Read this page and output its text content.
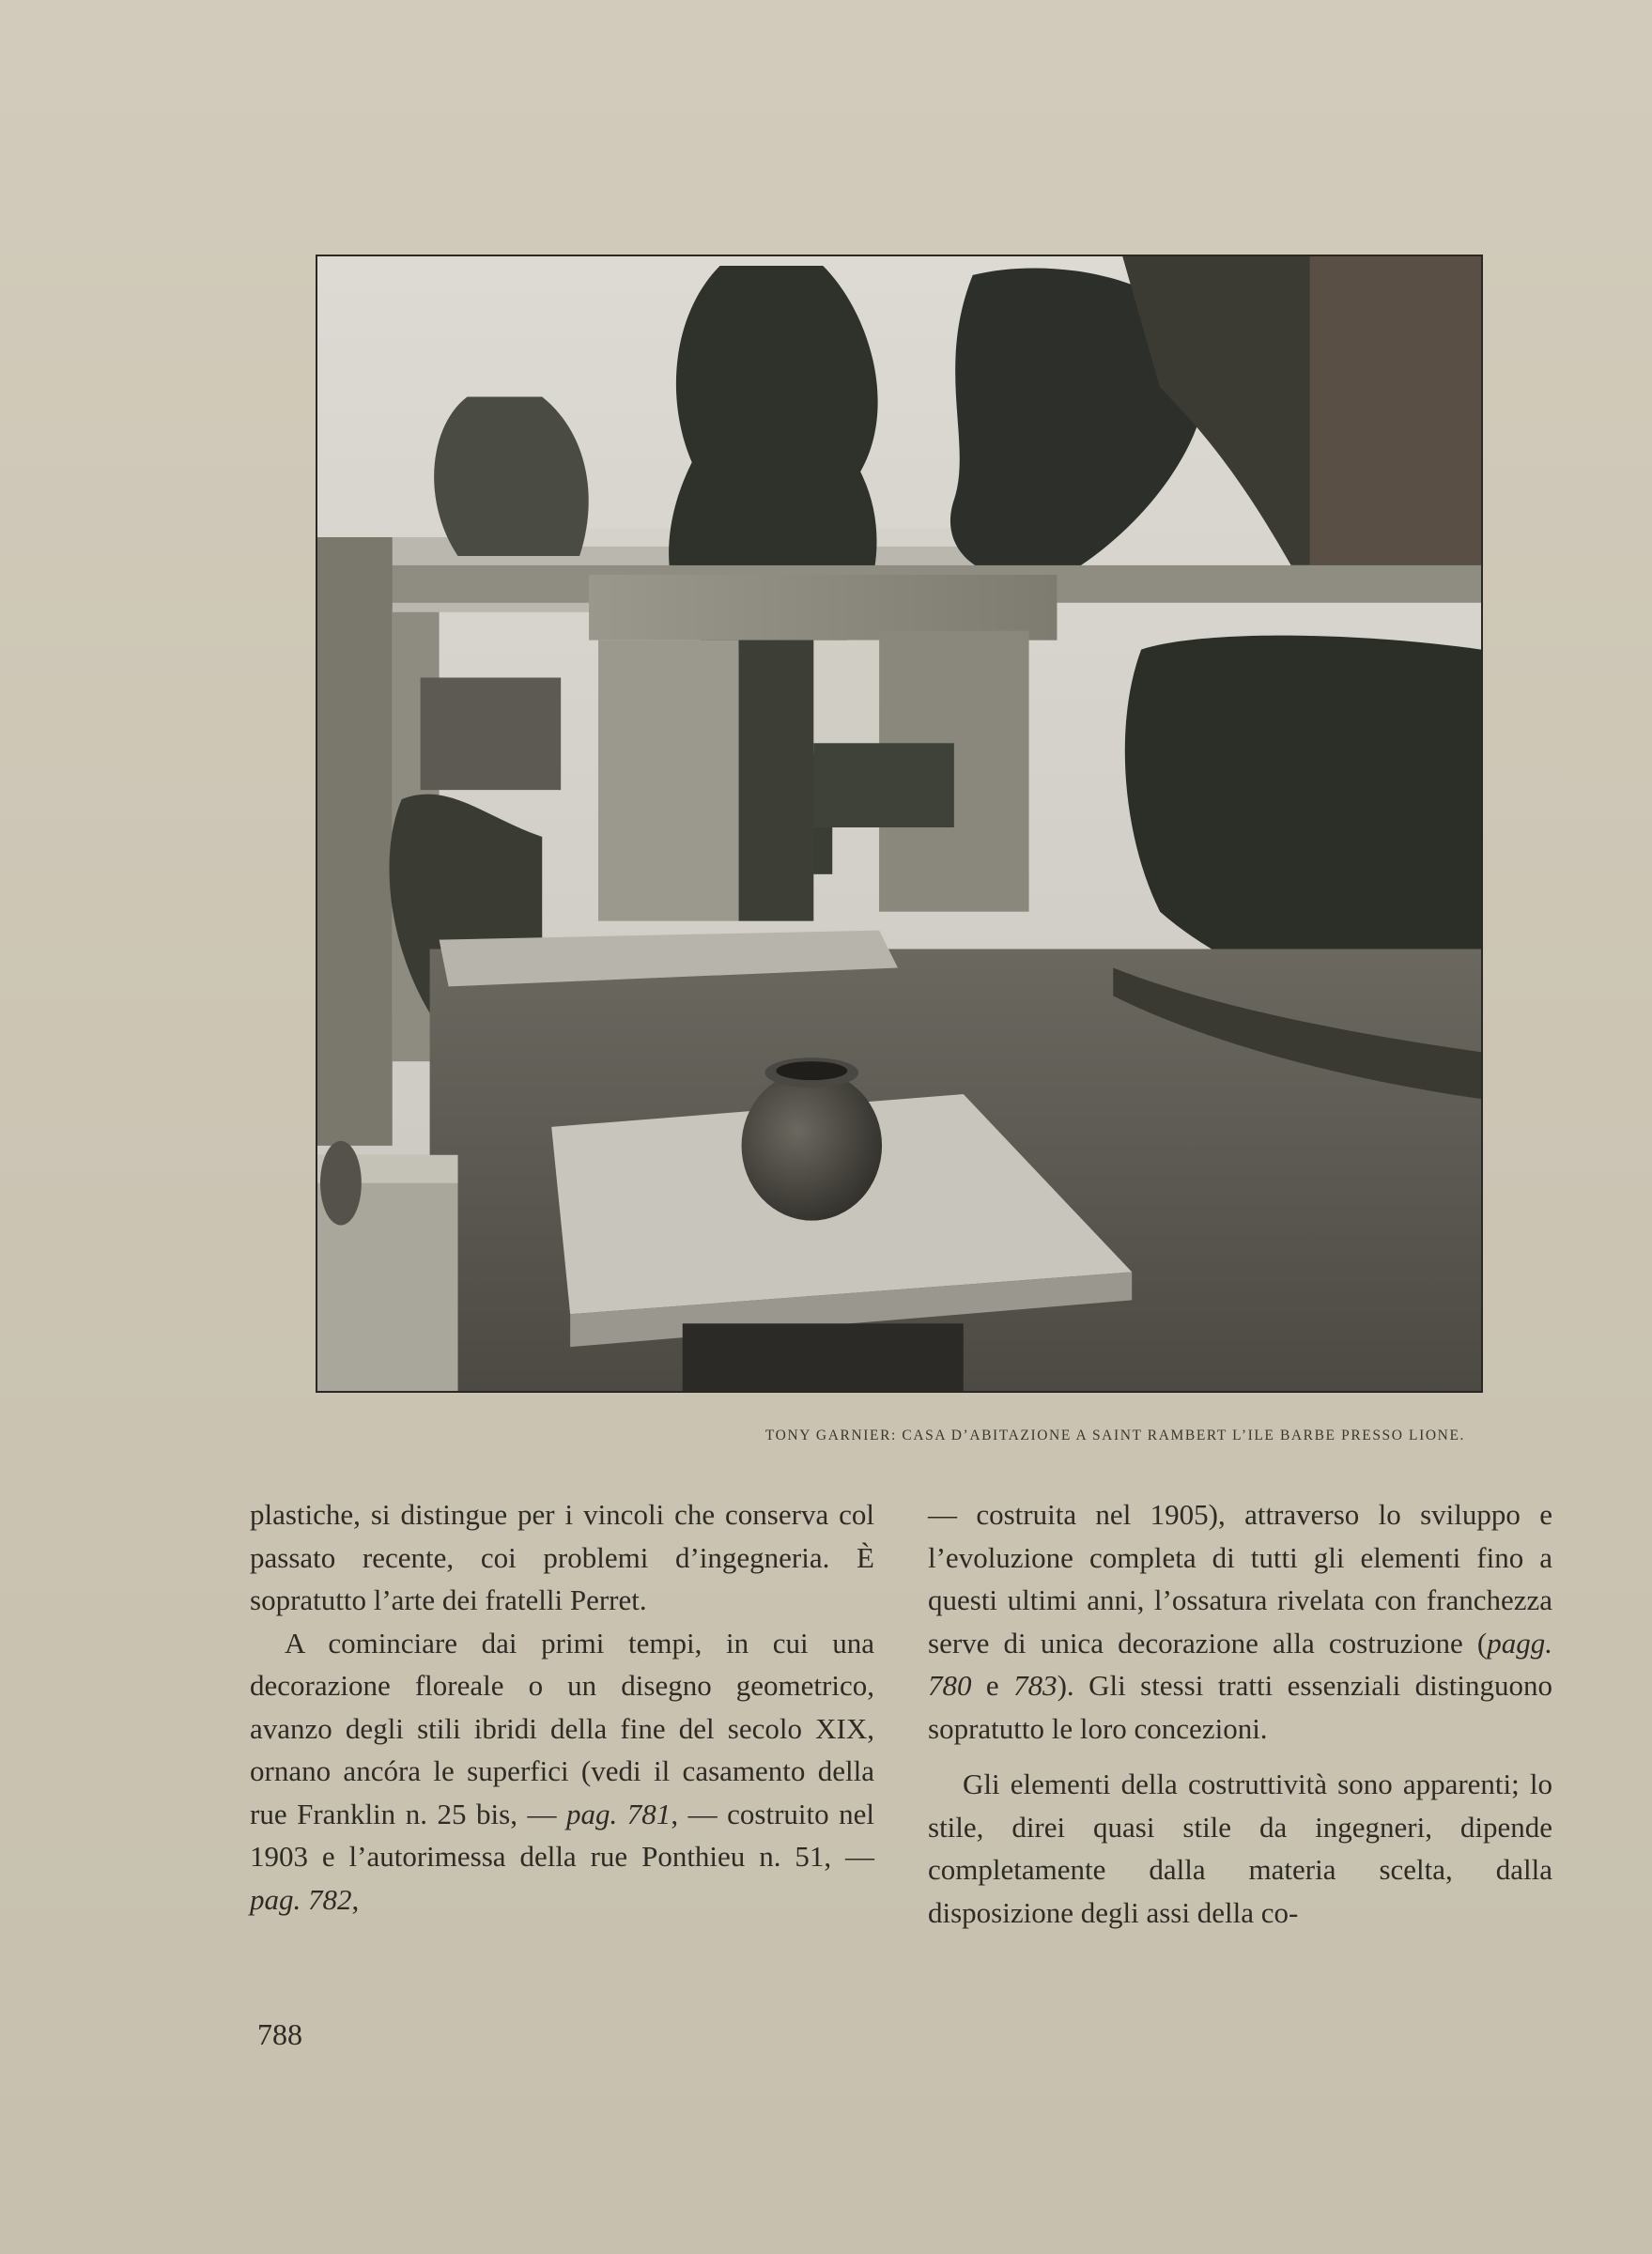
TONY GARNIER: CASA D’ABITAZIONE A SAINT RAMBERT L’ILE BARBE PRESSO LIONE.

plastiche, si distingue per i vincoli che conserva col passato recente, coi problemi d’ingegneria. È sopratutto l’arte dei fratelli Perret.

A cominciare dai primi tempi, in cui una decorazione floreale o un disegno geometrico, avanzo degli stili ibridi della fine del secolo XIX, ornano ancóra le superfici (vedi il casamento della rue Franklin n. 25 bis, — pag. 781, — costruito nel 1903 e l’autorimessa della rue Ponthieu n. 51, — pag. 782,

— costruita nel 1905), attraverso lo sviluppo e l’evoluzione completa di tutti gli elementi fino a questi ultimi anni, l’ossatura rivelata con franchezza serve di unica decorazione alla costruzione (pagg. 780 e 783). Gli stessi tratti essenziali distinguono sopratutto le loro concezioni.

Gli elementi della costruttività sono apparenti; lo stile, direi quasi stile da ingegneri, dipende completamente dalla materia scelta, dalla disposizione degli assi della co-

788
